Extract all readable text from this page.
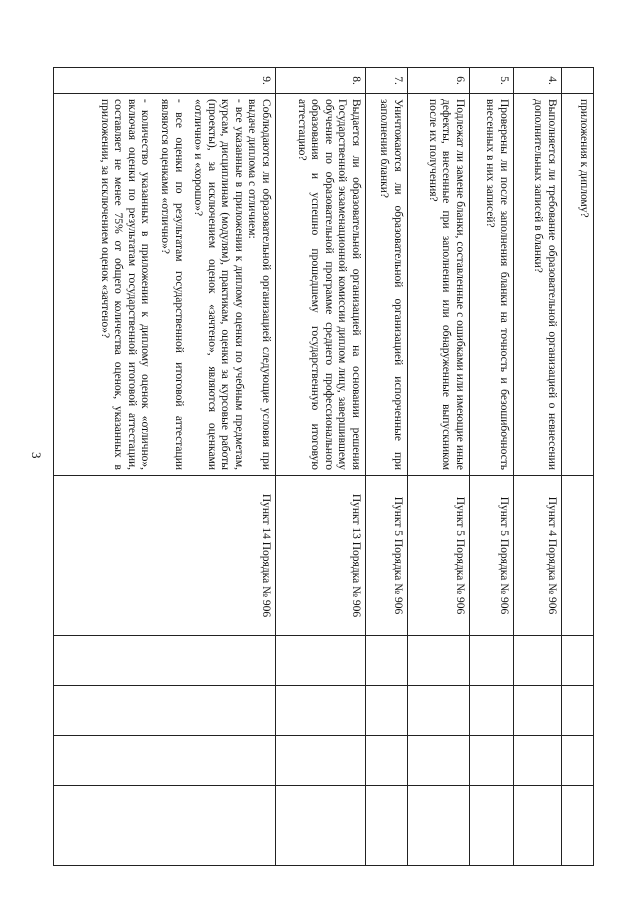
3
	приложения к диплому?					
4.	Выполняется ли требование образовательной организацией о невнесении дополнительных записей в бланки?	Пункт 4 Порядка № 906				
5.	Проверены ли после заполнения бланки на точность и безошибочность внесенных в них записей?	Пункт 5 Порядка № 906				
6.	Подлежат ли замене бланки, составленные с ошибками или имеющие иные дефекты, внесенные при заполнении или обнаруженные выпускником после их получения?	Пункт 5 Порядка № 906				
7.	Уничтожаются ли образовательной организацией испорченные при заполнении бланки?	Пункт 5 Порядка № 906				
8.	Выдается ли образовательной организацией на основании решения Государственной экзаменационной комиссии диплом лицу, завершившему обучение по образовательной программе среднего профессионального образования и успешно прошедшему государственную итоговую аттестацию?	Пункт 13 Порядка № 906				
9.	Соблюдаются ли образовательной организацией следующие условия при выдаче диплома с отличием:

- все указанные в приложении к диплому оценки по учебным предметам, курсам, дисциплинам (модулям), практикам, оценки за курсовые работы (проекты), за исключением оценок «зачтено», являются оценками «отлично» и «хорошо»?

- все оценки по результатам государственной итоговой аттестации являются оценками «отлично»?

- количество указанных в приложении к диплому оценок «отлично», включая оценки по результатам государственной итоговой аттестации, составляет не менее 75% от общего количества оценок, указанных в приложении, за исключением оценок «зачтено»?	Пункт 14 Порядка № 906				
